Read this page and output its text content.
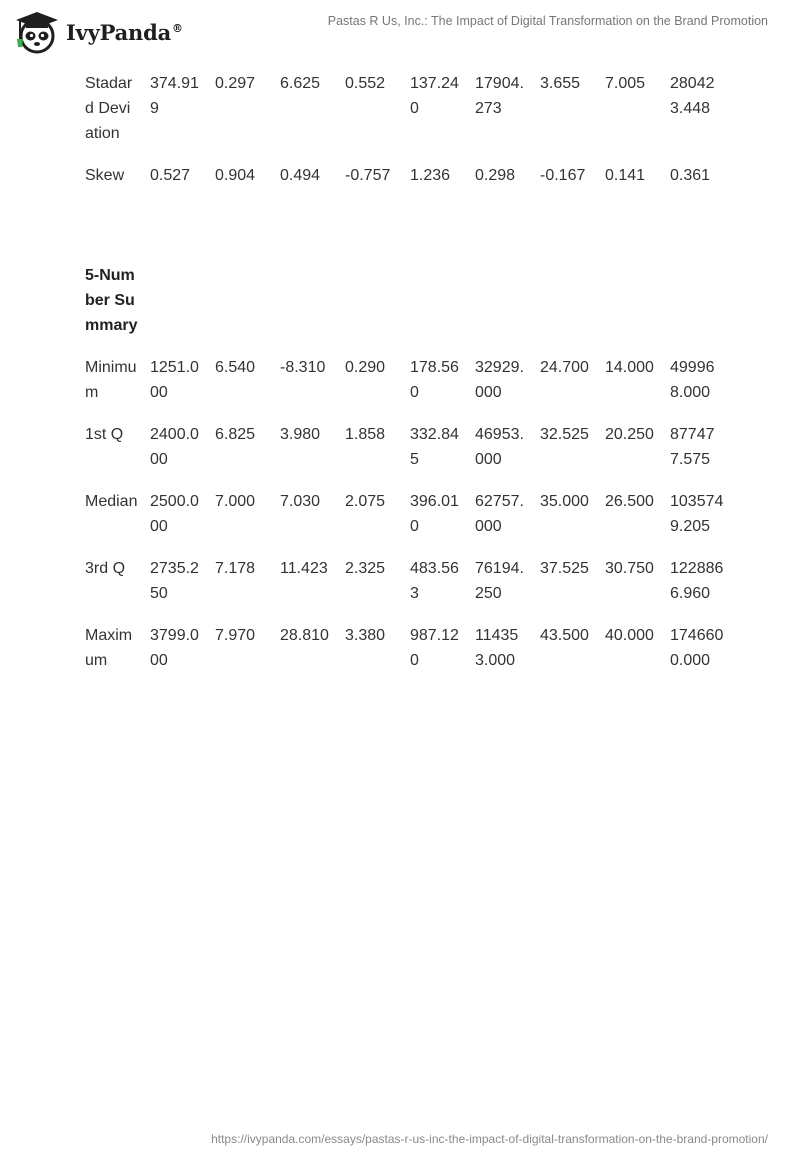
IvyPanda®	Pastas R Us, Inc.: The Impact of Digital Transformation on the Brand Promotion
Stadard Deviation	374.919	0.297	6.625	0.552	137.240	17904.273	3.655	7.005	280423.448
Skew	0.527	0.904	0.494	-0.757	1.236	0.298	-0.167	0.141	0.361

5-Number Summary									
Minimum	1251.000	6.540	-8.310	0.290	178.560	32929.000	24.700	14.000	499968.000
1st Q	2400.000	6.825	3.980	1.858	332.845	46953.000	32.525	20.250	877477.575
Median	2500.000	7.000	7.030	2.075	396.010	62757.000	35.000	26.500	1035749.205
3rd Q	2735.250	7.178	11.423	2.325	483.563	76194.250	37.525	30.750	1228866.960
Maximum	3799.000	7.970	28.810	3.380	987.120	114353.000	43.500	40.000	1746600.000
https://ivypanda.com/essays/pastas-r-us-inc-the-impact-of-digital-transformation-on-the-brand-promotion/
